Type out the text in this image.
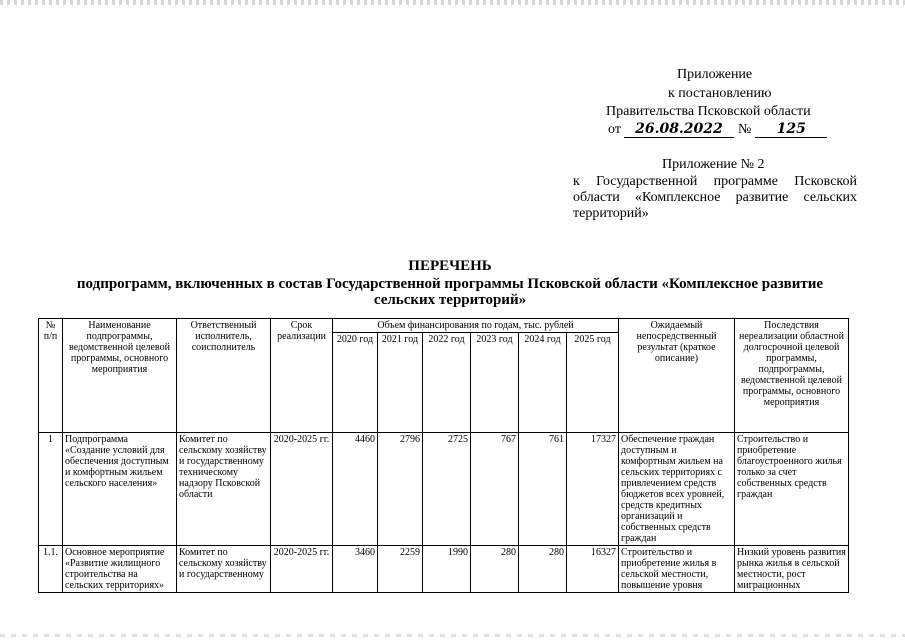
Приложение
к постановлению
Правительства Псковской области
от	26.08.2022	№	125
Приложение № 2
к Государственной программе Псковской области «Комплексное развитие сельских территорий»
ПЕРЕЧЕНЬ
подпрограмм, включенных в состав Государственной программы Псковской области «Комплексное развитие сельских территорий»
№ п/п	Наименование подпрограммы, ведомственной целевой программы, основного мероприятия	Ответственный исполнитель, соисполнитель	Срок реализации	Объем финансирования по годам, тыс. рублей						Ожидаемый непосредственный результат (краткое описание)	Последствия нереализации областной долгосрочной целевой программы, подпрограммы, ведомственной целевой программы, основного мероприятия
				2020 год	2021 год	2022 год	2023 год	2024 год	2025 год		
1	Подпрограмма «Создание условий для обеспечения доступным и комфортным жильем сельского населения»	Комитет по сельскому хозяйству и государственному техническому надзору Псковской области	2020-2025 гг.	4460	2796	2725	767	761	17327	Обеспечение граждан доступным и комфортным жильем на сельских территориях с привлечением средств бюджетов всех уровней, средств кредитных организаций и собственных средств граждан	Строительство и приобретение благоустроенного жилья только за счет собственных средств граждан
1.1.	Основное мероприятие «Развитие жилищного строительства на сельских территориях»	Комитет по сельскому хозяйству и государственному	2020-2025 гг.	3460	2259	1990	280	280	16327	Строительство и приобретение жилья в сельской местности, повышение уровня	Низкий уровень развития рынка жилья в сельской местности, рост миграционных
